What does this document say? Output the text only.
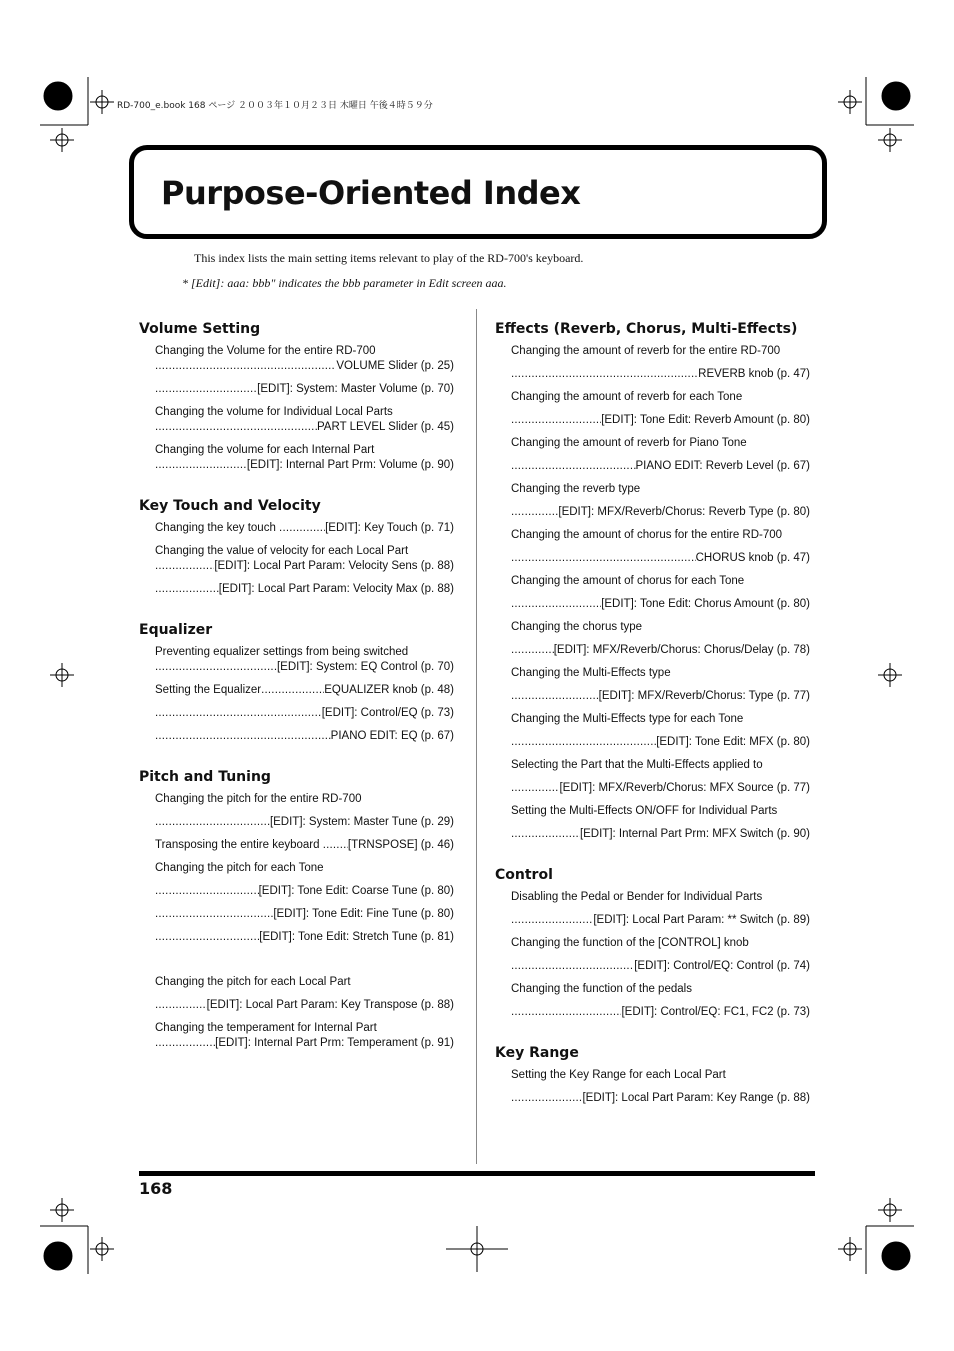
RD-700_e.book 168 ページ ２００３年１０月２３日 木曜日 午後４時５９分
Purpose-Oriented Index
This index lists the main setting items relevant to play of the RD-700's keyboard.
* [Edit]: aaa: bbb" indicates the bbb parameter in Edit screen aaa.
Volume Setting
Changing the Volume for the entire RD-700
.....
VOLUME Slider (p. 25)
.....
[EDIT]: System: Master Volume (p. 70)
Changing the volume for Individual Local Parts
.....
PART LEVEL Slider (p. 45)
Changing the volume for each Internal Part
.....
[EDIT]: Internal Part Prm: Volume (p. 90)
Key Touch and Velocity
Changing the key touch
.....	[EDIT]: Key Touch (p. 71)
Changing the value of velocity for each Local Part
.....
[EDIT]: Local Part Param: Velocity Sens (p. 88)
.....
[EDIT]: Local Part Param: Velocity Max (p. 88)
Equalizer
Preventing equalizer settings from being switched
.....
[EDIT]: System: EQ Control (p. 70)
Setting the Equalizer .....	EQUALIZER knob (p. 48)
.....
[EDIT]: Control/EQ (p. 73)
.....
PIANO EDIT: EQ (p. 67)
Pitch and Tuning
Changing the pitch for the entire RD-700
.....
[EDIT]: System: Master Tune (p. 29)
Transposing the entire keyboard
..... [TRNSPOSE] (p. 46)
Changing the pitch for each Tone
.....
[EDIT]: Tone Edit: Coarse Tune (p. 80)
.....
[EDIT]: Tone Edit: Fine Tune (p. 80)
.....
[EDIT]: Tone Edit: Stretch Tune (p. 81)
Changing the pitch for each Local Part
.....
[EDIT]: Local Part Param: Key Transpose (p. 88)
Changing the temperament for Internal Part
.....
[EDIT]: Internal Part Prm: Temperament (p. 91)
Effects (Reverb, Chorus, Multi-Effects)
Changing the amount of reverb for the entire RD-700
.....
REVERB knob (p. 47)
Changing the amount of reverb for each Tone
.....
[EDIT]: Tone Edit: Reverb Amount (p. 80)
Changing the amount of reverb for Piano Tone
.....
PIANO EDIT: Reverb Level (p. 67)
Changing the reverb type
.....
[EDIT]: MFX/Reverb/Chorus: Reverb Type (p. 80)
Changing the amount of chorus for the entire RD-700
.....
CHORUS knob (p. 47)
Changing the amount of chorus for each Tone
.....
[EDIT]: Tone Edit: Chorus Amount (p. 80)
Changing the chorus type
.....
[EDIT]: MFX/Reverb/Chorus: Chorus/Delay (p. 78)
Changing the Multi-Effects type
.....
[EDIT]: MFX/Reverb/Chorus: Type (p. 77)
Changing the Multi-Effects type for each Tone
.....
[EDIT]: Tone Edit: MFX (p. 80)
Selecting the Part that the Multi-Effects applied to
.....
[EDIT]: MFX/Reverb/Chorus: MFX Source (p. 77)
Setting the Multi-Effects ON/OFF for Individual Parts
.....
[EDIT]: Internal Part Prm: MFX Switch (p. 90)
Control
Disabling the Pedal or Bender for Individual Parts
.....
[EDIT]: Local Part Param: ** Switch (p. 89)
Changing the function of the [CONTROL] knob
.....
[EDIT]: Control/EQ: Control (p. 74)
Changing the function of the pedals
.....
[EDIT]: Control/EQ: FC1, FC2 (p. 73)
Key Range
Setting the Key Range for each Local Part
.....
[EDIT]: Local Part Param: Key Range (p. 88)
168
